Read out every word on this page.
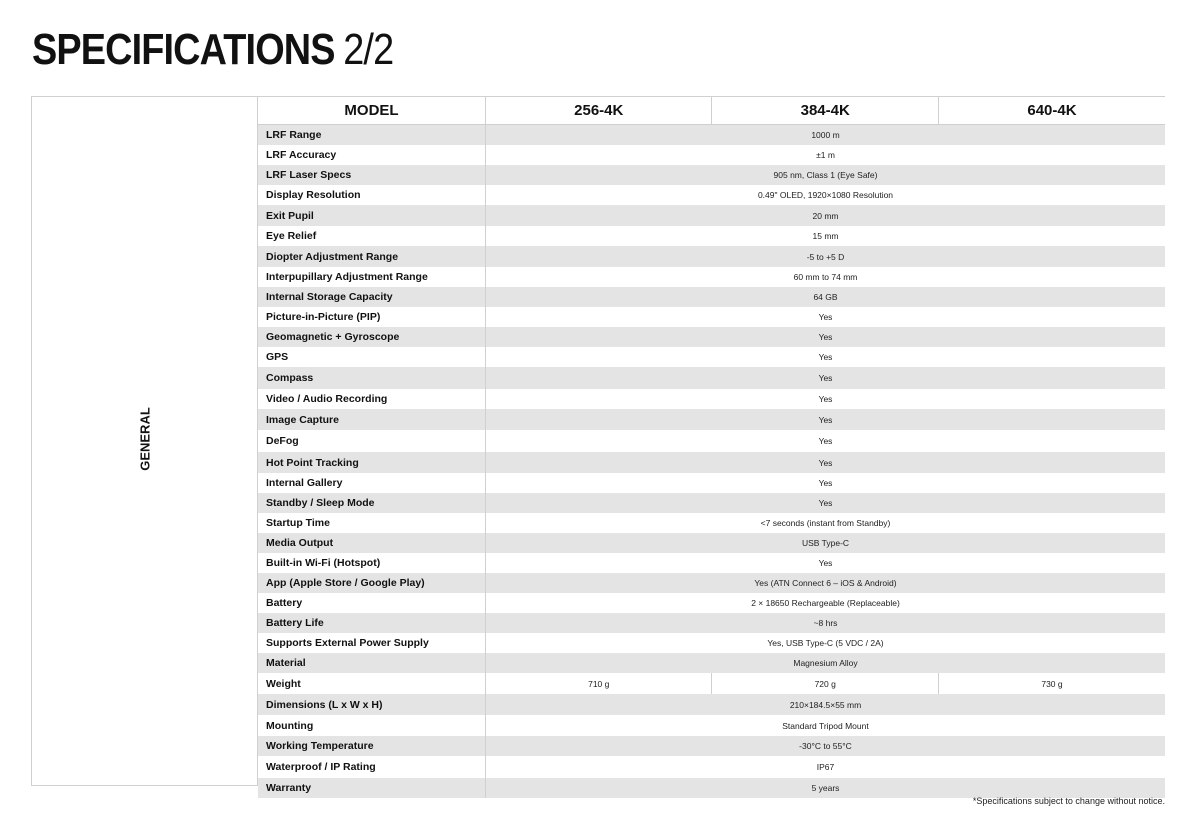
SPECIFICATIONS 2/2
GENERAL
MODEL	256-4K	384-4K	640-4K
LRF Range	1000 m		
LRF Accuracy	±1 m		
LRF Laser Specs	905 nm, Class 1 (Eye Safe)		
Display Resolution	0.49" OLED, 1920×1080 Resolution		
Exit Pupil	20 mm		
Eye Relief	15 mm		
Diopter Adjustment Range	-5 to +5 D		
Interpupillary Adjustment Range	60 mm to 74 mm		
Internal Storage Capacity	64 GB		
Picture-in-Picture (PIP)	Yes		
Geomagnetic + Gyroscope	Yes		
GPS	Yes		
Compass	Yes		
Video / Audio Recording	Yes		
Image Capture	Yes		
DeFog	Yes		
Hot Point Tracking	Yes		
Internal Gallery	Yes		
Standby / Sleep Mode	Yes		
Startup Time	<7 seconds (instant from Standby)		
Media Output	USB Type-C		
Built-in Wi-Fi (Hotspot)	Yes		
App (Apple Store / Google Play)	Yes (ATN Connect 6 – iOS & Android)		
Battery	2 × 18650 Rechargeable (Replaceable)		
Battery Life	~8 hrs		
Supports External Power Supply	Yes, USB Type-C (5 VDC / 2A)		
Material	Magnesium Alloy		
Weight	710 g	720 g	730 g
Dimensions (L x W x H)	210×184.5×55 mm		
Mounting	Standard Tripod Mount		
Working Temperature	-30°C to 55°C		
Waterproof / IP Rating	IP67		
Warranty	5 years		

*Specifications subject to change without notice.
